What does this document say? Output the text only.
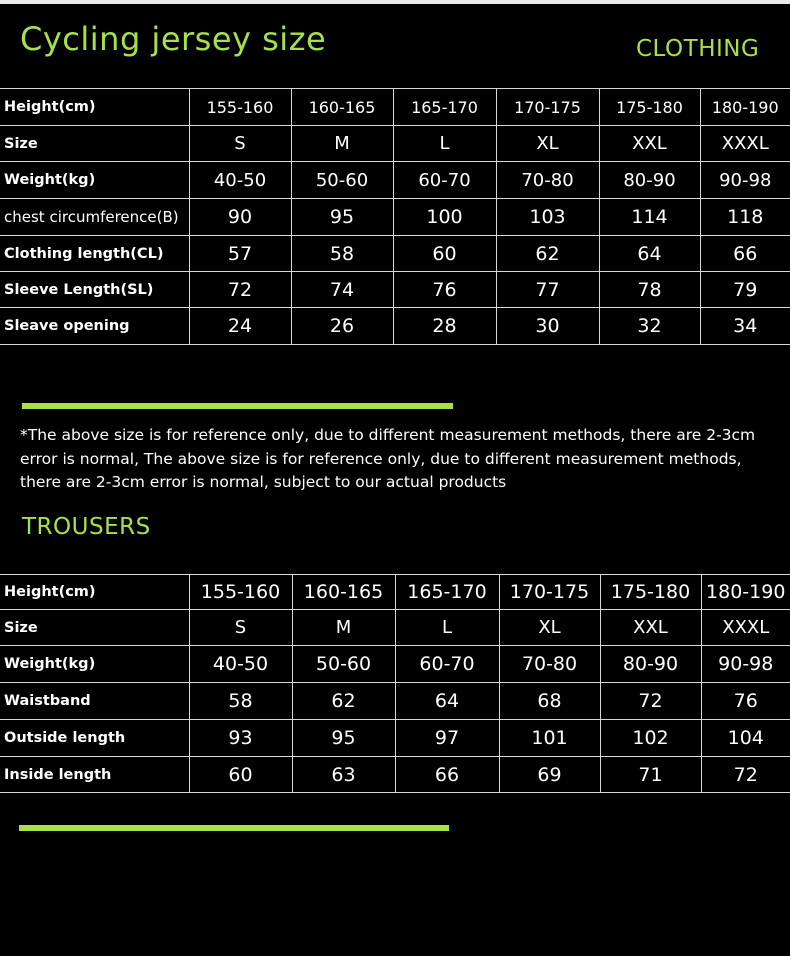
Cycling jersey size	CLOTHING
Height(cm)	155-160	160-165	165-170	170-175	175-180	180-190
Size	S	M	L	XL	XXL	XXXL
Weight(kg)	40-50	50-60	60-70	70-80	80-90	90-98
chest circumference(B)	90	95	100	103	114	118
Clothing length(CL)	57	58	60	62	64	66
Sleeve Length(SL)	72	74	76	77	78	79
Sleave opening	24	26	28	30	32	34
*The above size is for reference only, due to different measurement methods, there are 2-3cm error is normal, The above size is for reference only, due to different measurement methods, there are 2-3cm error is normal, subject to our actual products
TROUSERS
Height(cm)	155-160	160-165	165-170	170-175	175-180	180-190
Size	S	M	L	XL	XXL	XXXL
Weight(kg)	40-50	50-60	60-70	70-80	80-90	90-98
Waistband	58	62	64	68	72	76
Outside length	93	95	97	101	102	104
Inside length	60	63	66	69	71	72
